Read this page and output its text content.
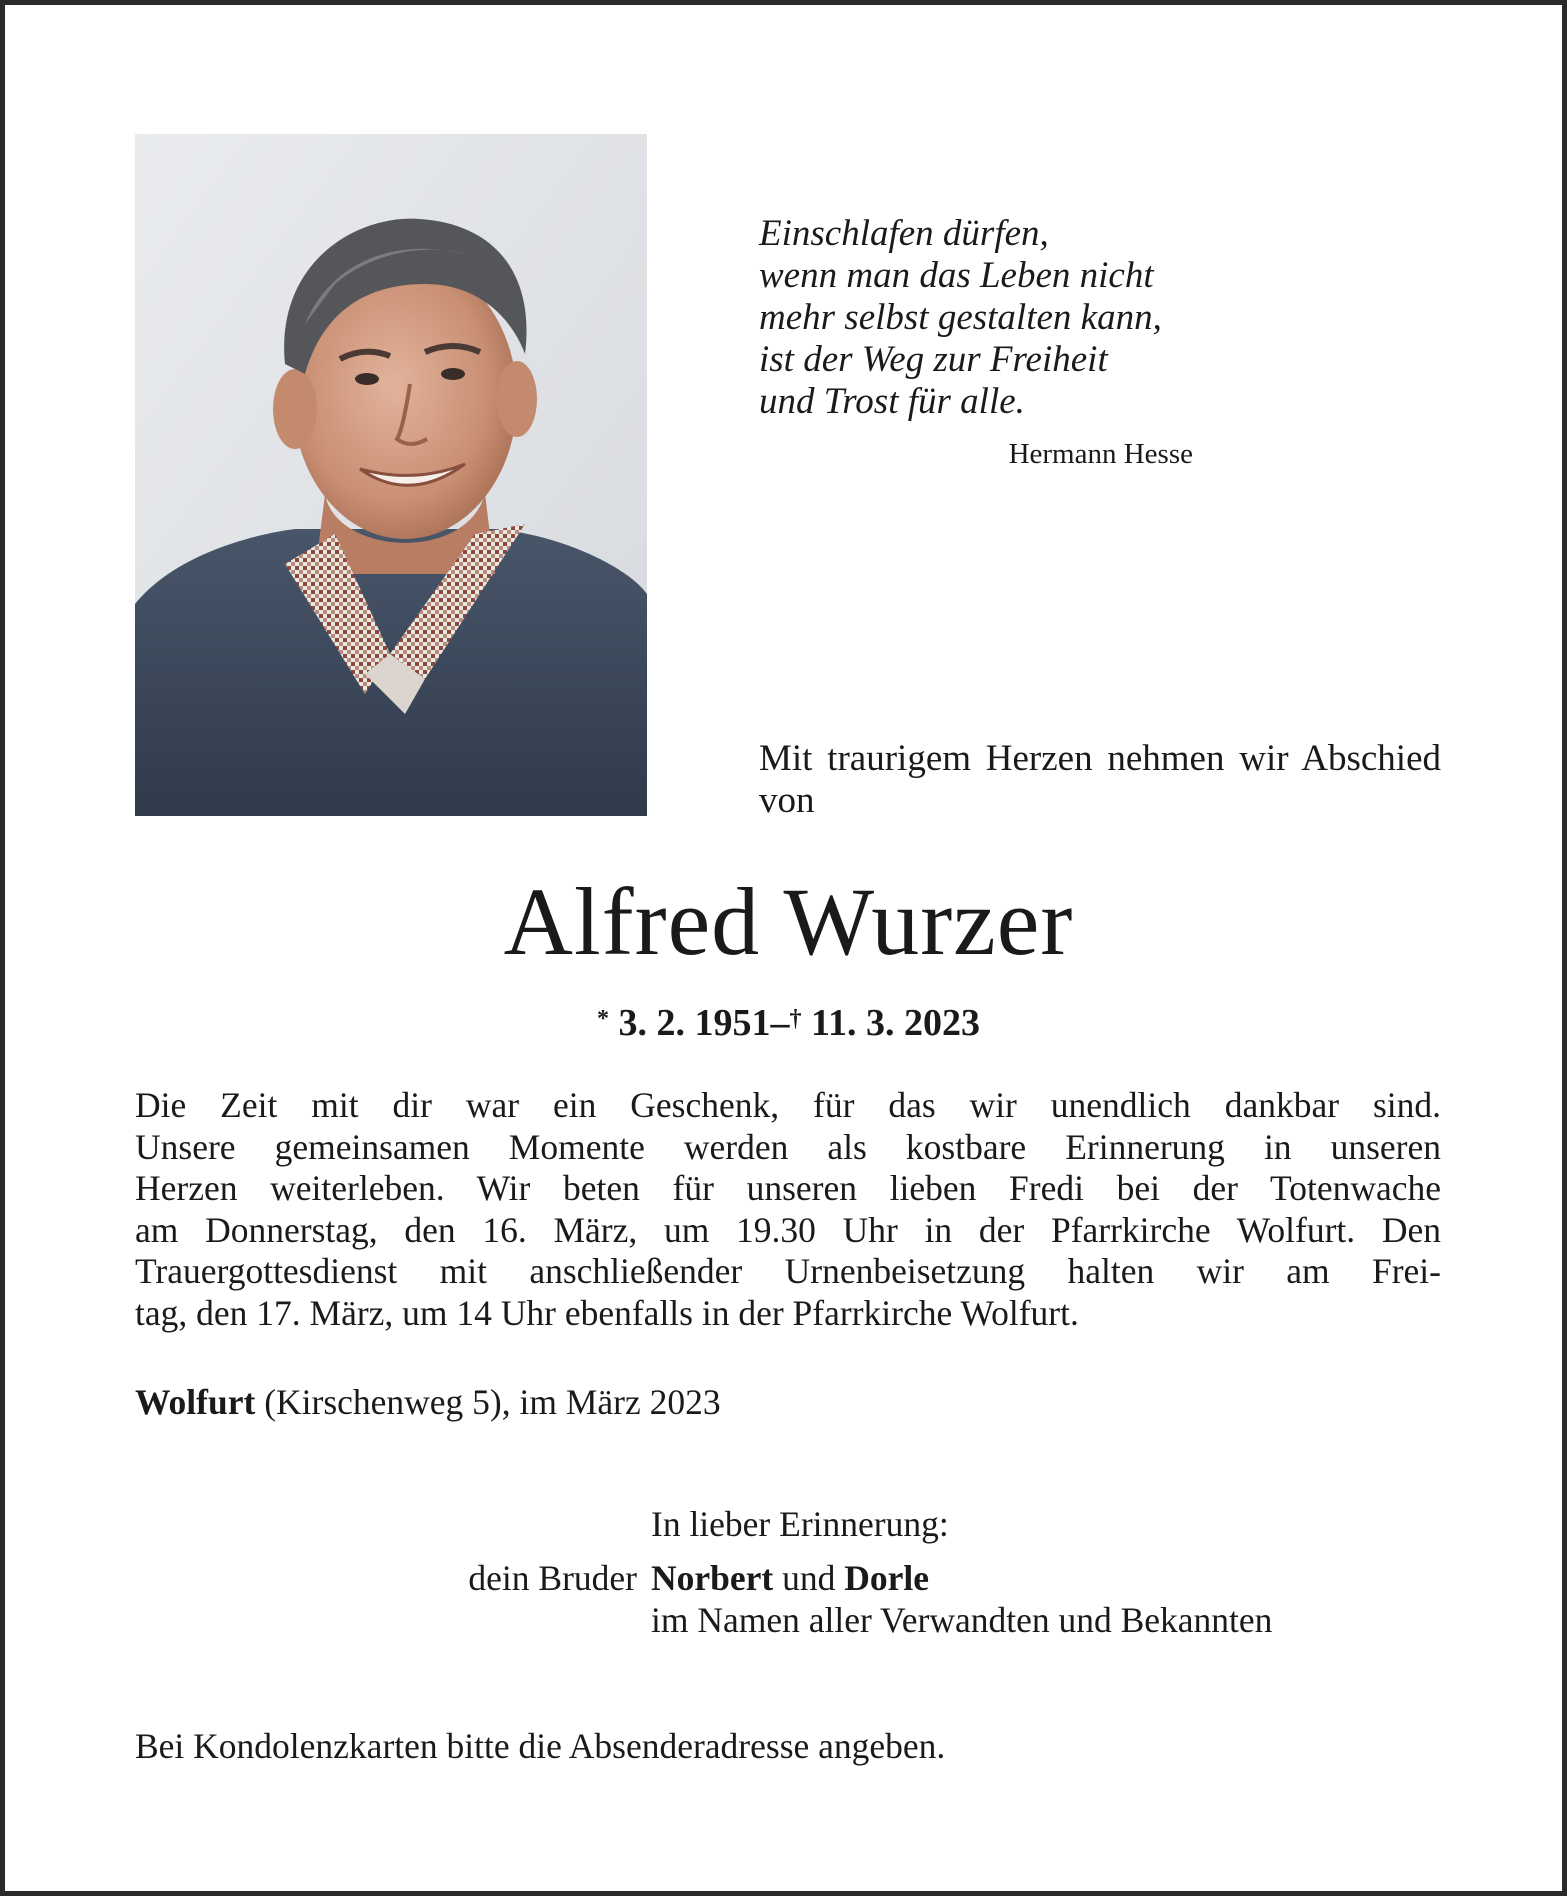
Einschlafen dürfen,
wenn man das Leben nicht
mehr selbst gestalten kann,
ist der Weg zur Freiheit
und Trost für alle.
Hermann Hesse
Mit traurigem Herzen nehmen wir Abschied von
Alfred Wurzer
* 3. 2. 1951–† 11. 3. 2023
Die Zeit mit dir war ein Geschenk, für das wir unendlich dankbar sind.
Unsere gemeinsamen Momente werden als kostbare Erinnerung in unseren
Herzen weiterleben. Wir beten für unseren lieben Fredi bei der Totenwache
am Donnerstag, den 16. März, um 19.30 Uhr in der Pfarrkirche Wolfurt. Den
Trauergottesdienst mit anschließender Urnenbeisetzung halten wir am Frei-
tag, den 17. März, um 14 Uhr ebenfalls in der Pfarrkirche Wolfurt.
Wolfurt (Kirschenweg 5), im März 2023
In lieber Erinnerung:
dein Bruder Norbert und Dorle
im Namen aller Verwandten und Bekannten
Bei Kondolenzkarten bitte die Absenderadresse angeben.
